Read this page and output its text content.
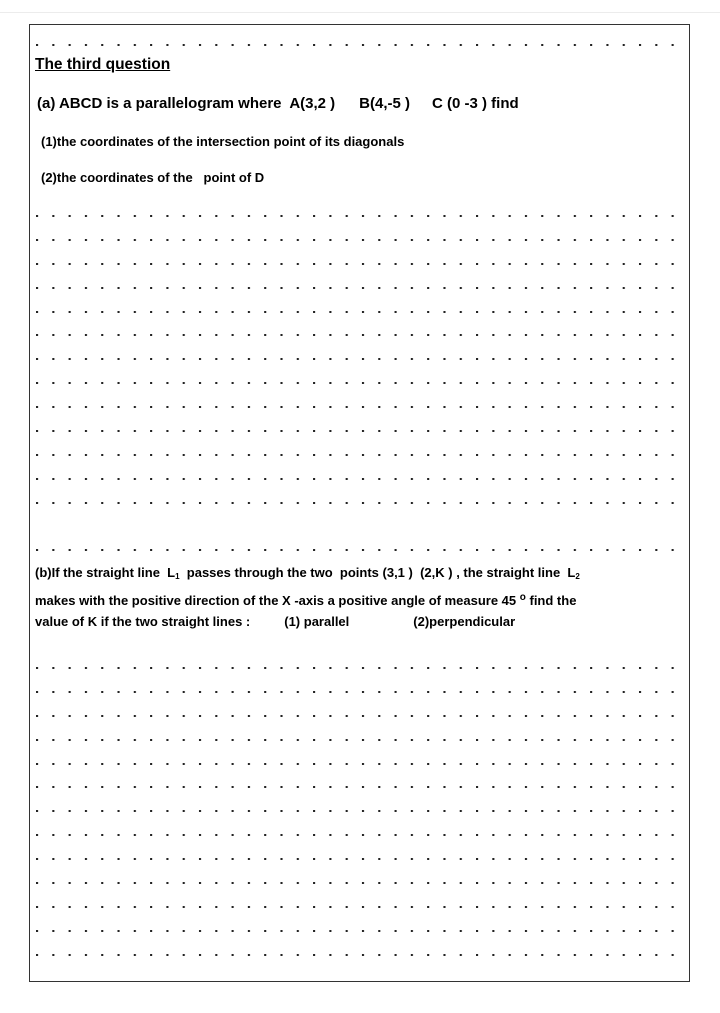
The third question
(a) ABCD is a parallelogram where  A(3,2 ) B(4,-5 ) C (0 -3 ) find
(1)the coordinates of the intersection point of its diagonals
(2)the coordinates of the   point of D
(b)If the straight line  $L_1$  passes through the two  points (3,1 )  (2,K ) , the straight line  $L_2$
makes with the positive direction of the X -axis a positive angle of measure 45 $^o$ find the
value of K if the two straight lines :	(1) parallel	(2)perpendicular
